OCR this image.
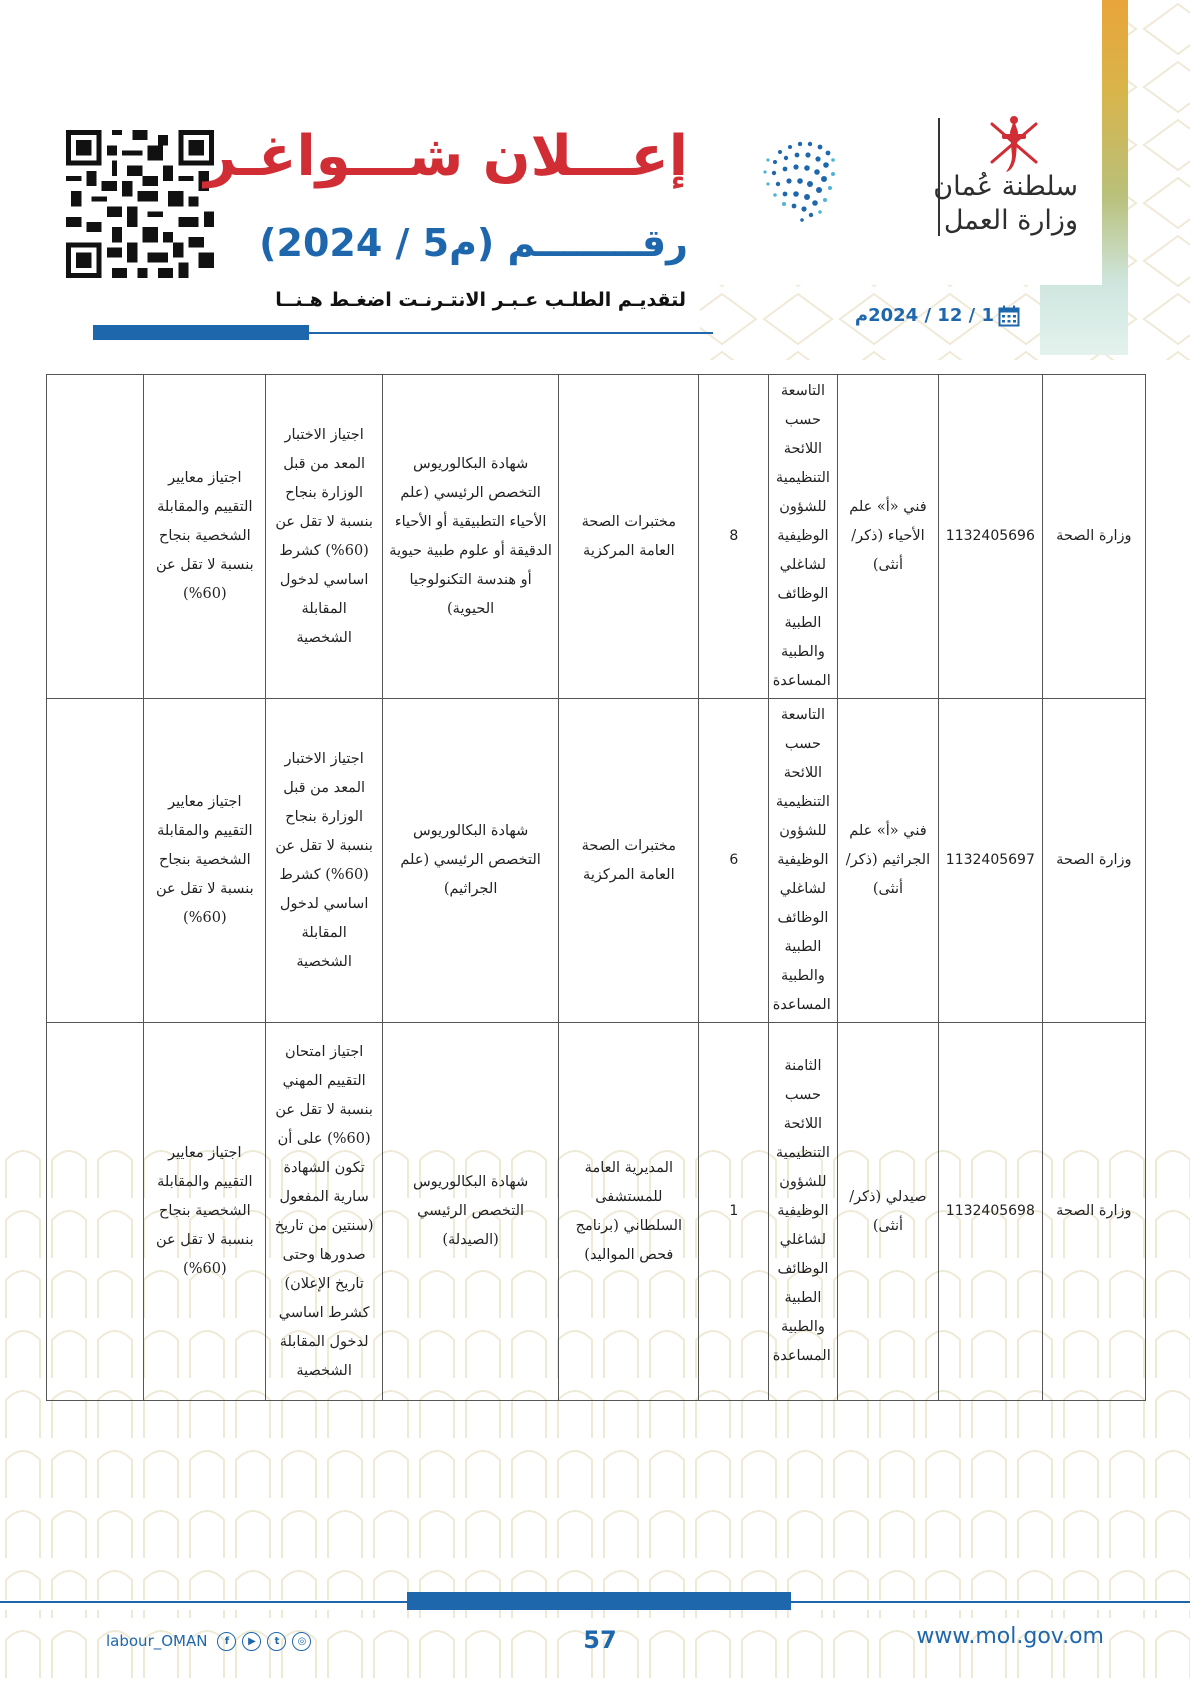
إعـــلان شـــواغـر
رقــــــــم (م5 / 2024)
لتقديـم الطلـب عـبـر الانتـرنـت اضغـط هـنــا
1 / 12 / 2024م
سلطنة عُمان
وزارة العمل
وزارة الصحة	1132405696	فني «أ» علم الأحياء (ذكر/ أنثى)	التاسعة حسب اللائحة التنظيمية للشؤون الوظيفية لشاغلي الوظائف الطبية والطبية المساعدة	8	مختبرات الصحة العامة المركزية	شهادة البكالوريوس التخصص الرئيسي (علم الأحياء التطبيقية أو الأحياء الدقيقة أو علوم طبية حيوية أو هندسة التكنولوجيا الحيوية)	اجتياز الاختبار المعد من قبل الوزارة بنجاح بنسبة لا تقل عن (60%) كشرط اساسي لدخول المقابلة الشخصية	اجتياز معايير التقييم والمقابلة الشخصية بنجاح بنسبة لا تقل عن (60%)	
وزارة الصحة	1132405697	فني «أ» علم الجراثيم (ذكر/أنثى)	التاسعة حسب اللائحة التنظيمية للشؤون الوظيفية لشاغلي الوظائف الطبية والطبية المساعدة	6	مختبرات الصحة العامة المركزية	شهادة البكالوريوس التخصص الرئيسي (علم الجراثيم)	اجتياز الاختبار المعد من قبل الوزارة بنجاح بنسبة لا تقل عن (60%) كشرط اساسي لدخول المقابلة الشخصية	اجتياز معايير التقييم والمقابلة الشخصية بنجاح بنسبة لا تقل عن (60%)	
وزارة الصحة	1132405698	صيدلي (ذكر/ أنثى)	الثامنة حسب اللائحة التنظيمية للشؤون الوظيفية لشاغلي الوظائف الطبية والطبية المساعدة	1	المديرية العامة للمستشفى السلطاني (برنامج فحص المواليد)	شهادة البكالوريوس التخصص الرئيسي (الصيدلة)	اجتياز امتحان التقييم المهني بنسبة لا تقل عن (60%) على أن تكون الشهادة سارية المفعول (سنتين من تاريخ صدورها وحتى تاريخ الإعلان) كشرط اساسي لدخول المقابلة الشخصية	اجتياز معايير التقييم والمقابلة الشخصية بنجاح بنسبة لا تقل عن (60%)	
labour_OMAN	f	▶	t	◎	57	www.mol.gov.om
